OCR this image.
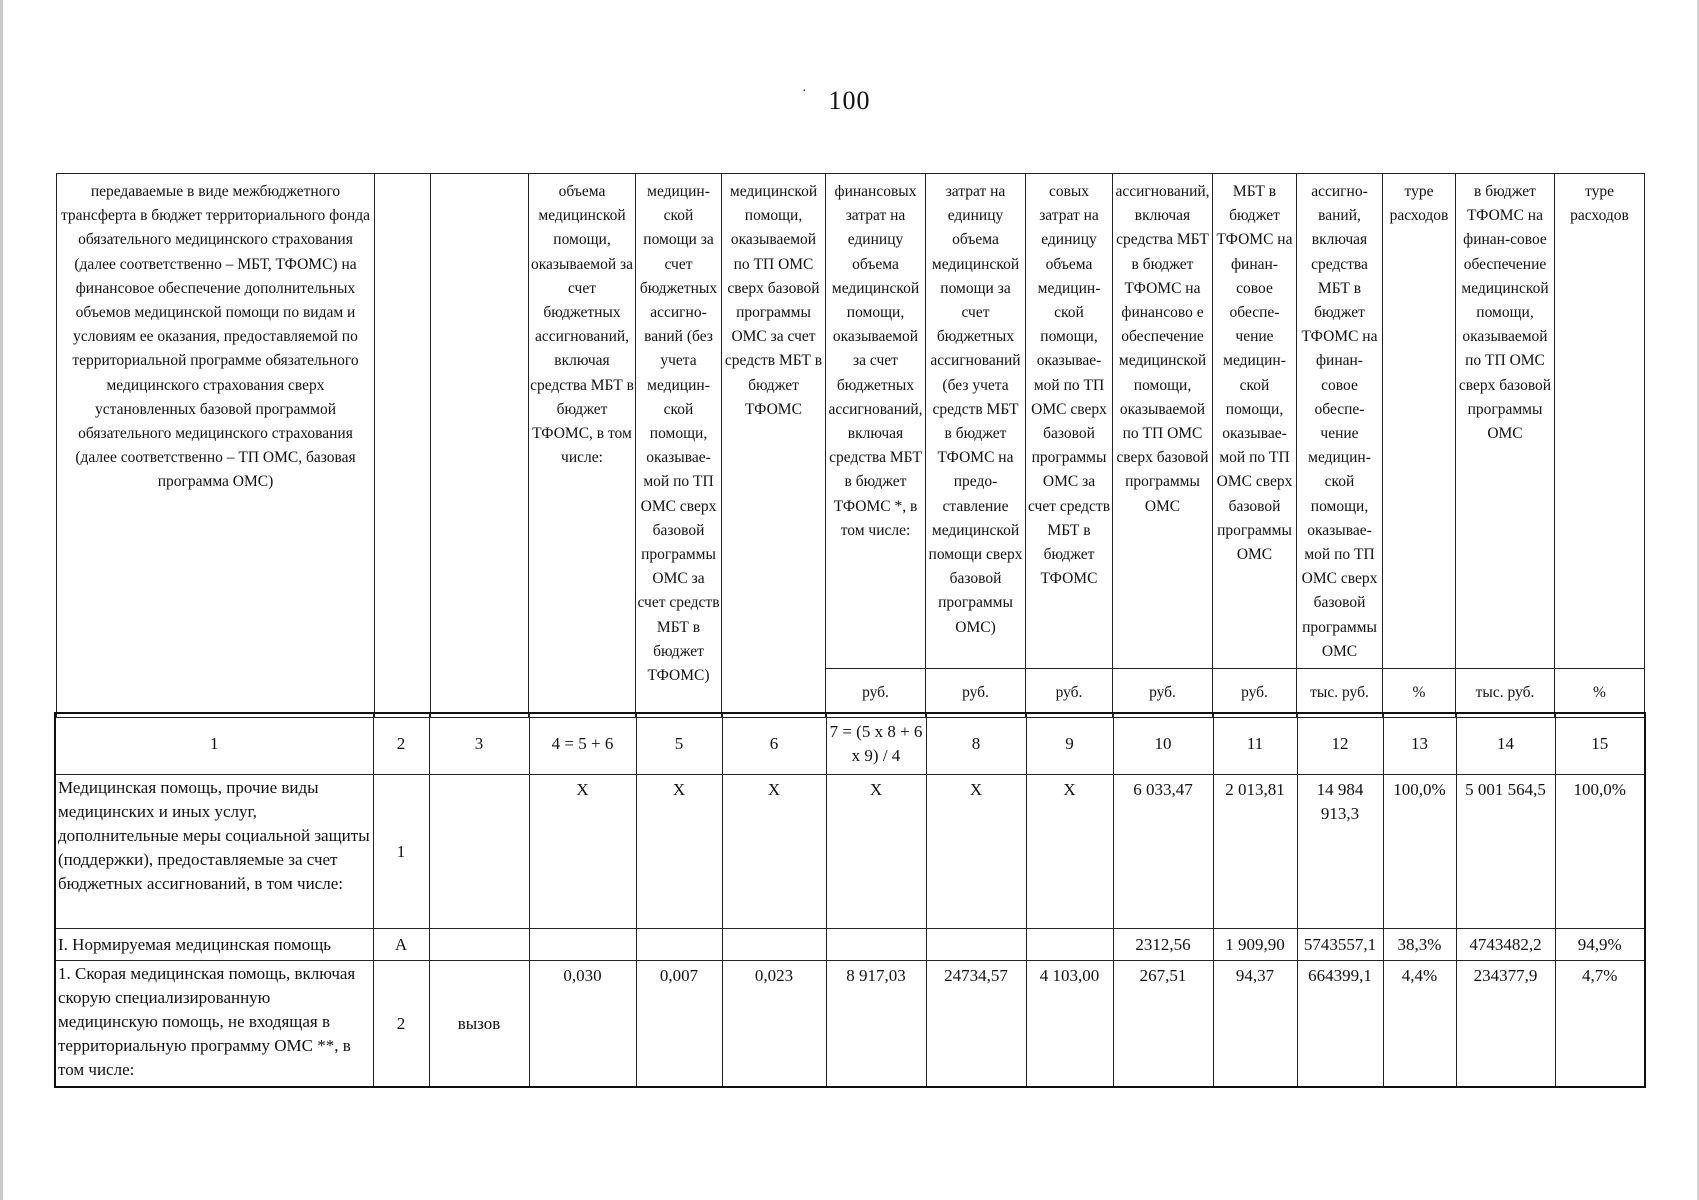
· 100
передаваемые в виде межбюджетного трансферта в бюджет территориального фонда обязательного медицинского страхования (далее соответственно – МБТ, ТФОМС) на финансовое обеспечение дополнительных объемов медицинской помощи по видам и условиям ее оказания, предоставляемой по территориальной программе обязательного медицинского страхования сверх установленных базовой программой обязательного медицинского страхования (далее соответственно – ТП ОМС, базовая программа ОМС)			объема медицинской помощи, оказываемой за счет бюджетных ассигнований, включая средства МБТ в бюджет ТФОМС, в том числе:	медицин-ской помощи за счет бюджетных ассигно-ваний (без учета медицин-ской помощи, оказывае-мой по ТП ОМС сверх базовой программы ОМС за счет средств МБТ в бюджет ТФОМС)	медицинской помощи, оказываемой по ТП ОМС сверх базовой программы ОМС за счет средств МБТ в бюджет ТФОМС	финансовых затрат на единицу объема медицинской помощи, оказываемой за счет бюджетных ассигнований, включая средства МБТ в бюджет ТФОМС *, в том числе:	затрат на единицу объема медицинской помощи за счет бюджетных ассигнований (без учета средств МБТ в бюджет ТФОМС на предо-ставление медицинской помощи сверх базовой программы ОМС)	совых затрат на единицу объема медицин-ской помощи, оказывае-мой по ТП ОМС сверх базовой программы ОМС за счет средств МБТ в бюджет ТФОМС	ассигнований, включая средства МБТ в бюджет ТФОМС на финансово е обеспечение медицинской помощи, оказываемой по ТП ОМС сверх базовой программы ОМС	МБТ в бюджет ТФОМС на финан-совое обеспе-чение медицин-ской помощи, оказывае-мой по ТП ОМС сверх базовой программы ОМС	ассигно-ваний, включая средства МБТ в бюджет ТФОМС на финан-совое обеспе-чение медицин-ской помощи, оказывае-мой по ТП ОМС сверх базовой программы ОМС	туре расходов	в бюджет ТФОМС на финан-совое обеспечение медицинской помощи, оказываемой по ТП ОМС сверх базовой программы ОМС	туре расходов
						руб.	руб.	руб.	руб.	руб.	тыс. руб.	%	тыс. руб.	%
1	2	3	4 = 5 + 6	5	6	7 = (5 x 8 + 6 x 9) / 4	8	9	10	11	12	13	14	15
Медицинская помощь, прочие виды медицинских и иных услуг, дополнительные меры социальной защиты (поддержки), предоставляемые за счет бюджетных ассигнований, в том числе:	1		X	X	X	X	X	X	6 033,47	2 013,81	14 984 913,3	100,0%	5 001 564,5	100,0%
I. Нормируемая медицинская помощь	А								2312,56	1 909,90	5743557,1	38,3%	4743482,2	94,9%
1. Скорая медицинская помощь, включая скорую специализированную медицинскую помощь, не входящая в территориальную программу ОМС **, в том числе:	2	вызов	0,030	0,007	0,023	8 917,03	24734,57	4 103,00	267,51	94,37	664399,1	4,4%	234377,9	4,7%
